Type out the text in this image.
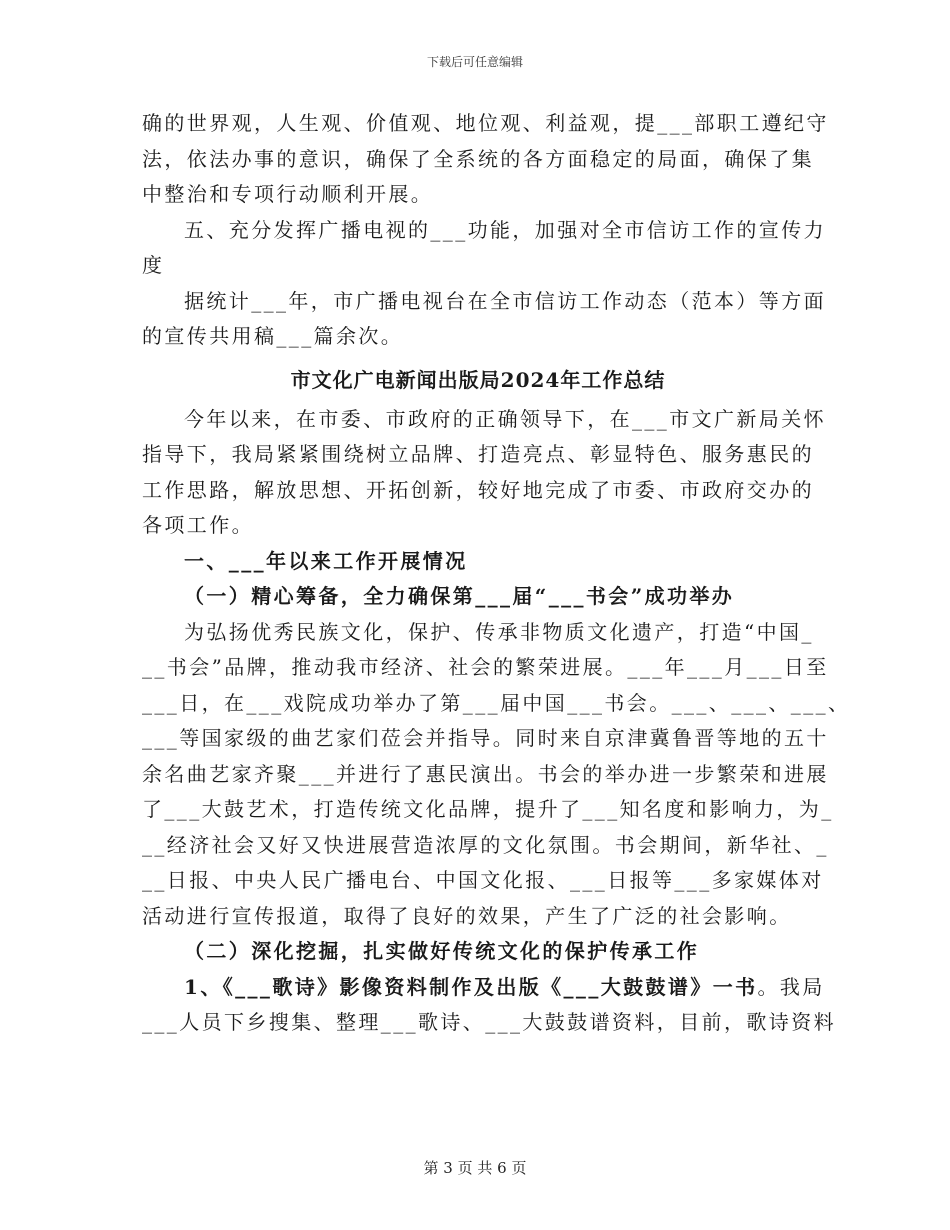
下载后可任意编辑
确的世界观，人生观、价值观、地位观、利益观，提___部职工遵纪守
法，依法办事的意识，确保了全系统的各方面稳定的局面，确保了集
中整治和专项行动顺利开展。
五、充分发挥广播电视的___功能，加强对全市信访工作的宣传力
度
据统计___年，市广播电视台在全市信访工作动态（范本）等方面
的宣传共用稿___篇余次。
市文化广电新闻出版局2024年工作总结
今年以来，在市委、市政府的正确领导下，在___市文广新局关怀
指导下，我局紧紧围绕树立品牌、打造亮点、彰显特色、服务惠民的
工作思路，解放思想、开拓创新，较好地完成了市委、市政府交办的
各项工作。
一、___年以来工作开展情况
（一）精心筹备，全力确保第___届“___书会”成功举办
为弘扬优秀民族文化，保护、传承非物质文化遗产，打造“中国_
__书会”品牌，推动我市经济、社会的繁荣进展。___年___月___日至
___日，在___戏院成功举办了第___届中国___书会。___、___、___、
___等国家级的曲艺家们莅会并指导。同时来自京津冀鲁晋等地的五十
余名曲艺家齐聚___并进行了惠民演出。书会的举办进一步繁荣和进展
了___大鼓艺术，打造传统文化品牌，提升了___知名度和影响力，为_
__经济社会又好又快进展营造浓厚的文化氛围。书会期间，新华社、_
__日报、中央人民广播电台、中国文化报、___日报等___多家媒体对
活动进行宣传报道，取得了良好的效果，产生了广泛的社会影响。
（二）深化挖掘，扎实做好传统文化的保护传承工作
1、《___歌诗》影像资料制作及出版《___大鼓鼓谱》一书。我局
___人员下乡搜集、整理___歌诗、___大鼓鼓谱资料，目前，歌诗资料
第 3 页 共 6 页
